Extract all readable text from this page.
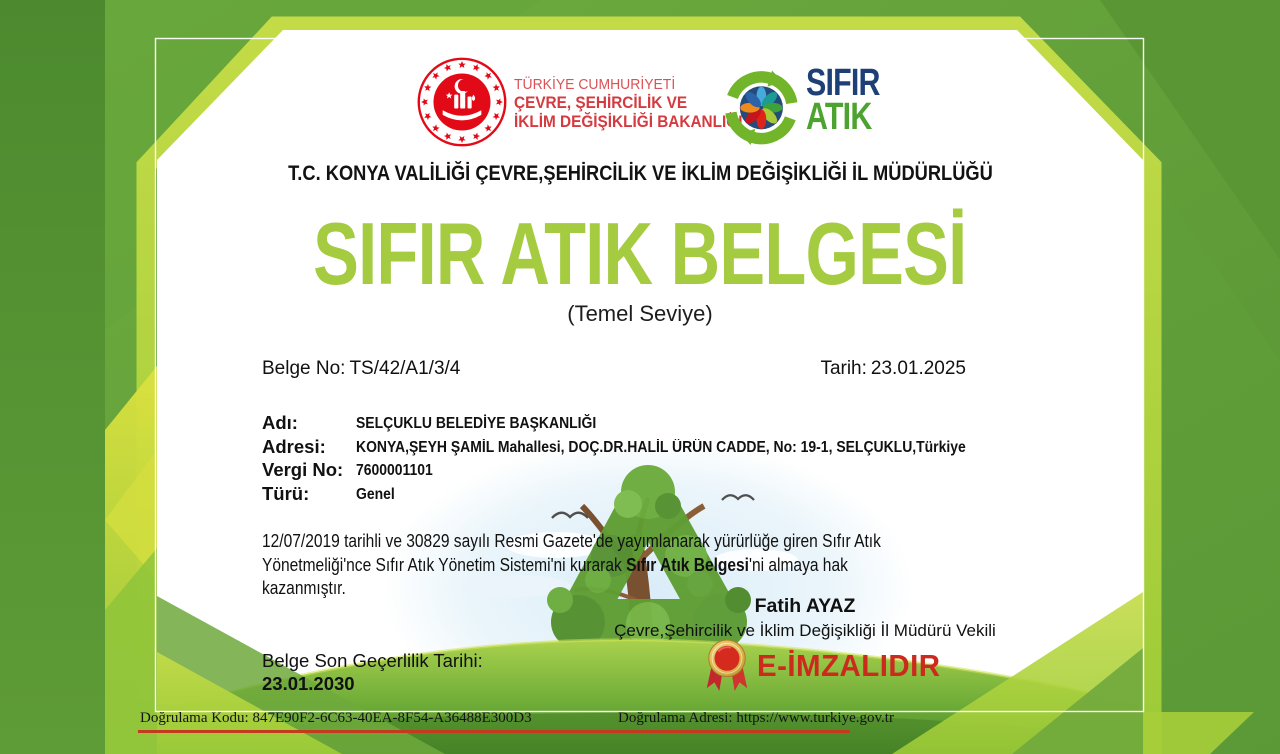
TÜRKİYE CUMHURİYETİ
ÇEVRE, ŞEHİRCİLİK VE
İKLİM DEĞİŞİKLİĞİ BAKANLIĞI
SIFIR
ATIK
T.C. KONYA VALİLİĞİ ÇEVRE,ŞEHİRCİLİK VE İKLİM DEĞİŞİKLİĞİ İL MÜDÜRLÜĞÜ
SIFIR ATIK BELGESİ
(Temel Seviye)
Belge No: TS/42/A1/3/4	Tarih: 23.01.2025
Adı:	SELÇUKLU BELEDİYE BAŞKANLIĞI
Adresi:	KONYA,ŞEYH ŞAMİL Mahallesi, DOÇ.DR.HALİL ÜRÜN CADDE, No: 19-1, SELÇUKLU,Türkiye
Vergi No: 7600001101
Türü:	Genel
12/07/2019 tarihli ve 30829 sayılı Resmi Gazete'de yayımlanarak yürürlüğe giren Sıfır Atık Yönetmeliği'nce Sıfır Atık Yönetim Sistemi'ni kurarak Sıfır Atık Belgesi'ni almaya hak kazanmıştır.
Fatih AYAZ
Çevre,Şehircilik ve İklim Değişikliği İl Müdürü Vekili
E-İMZALIDIR
Belge Son Geçerlilik Tarihi:
23.01.2030
Doğrulama Kodu: 847E90F2-6C63-40EA-8F54-A36488E300D3	Doğrulama Adresi: https://www.turkiye.gov.tr
